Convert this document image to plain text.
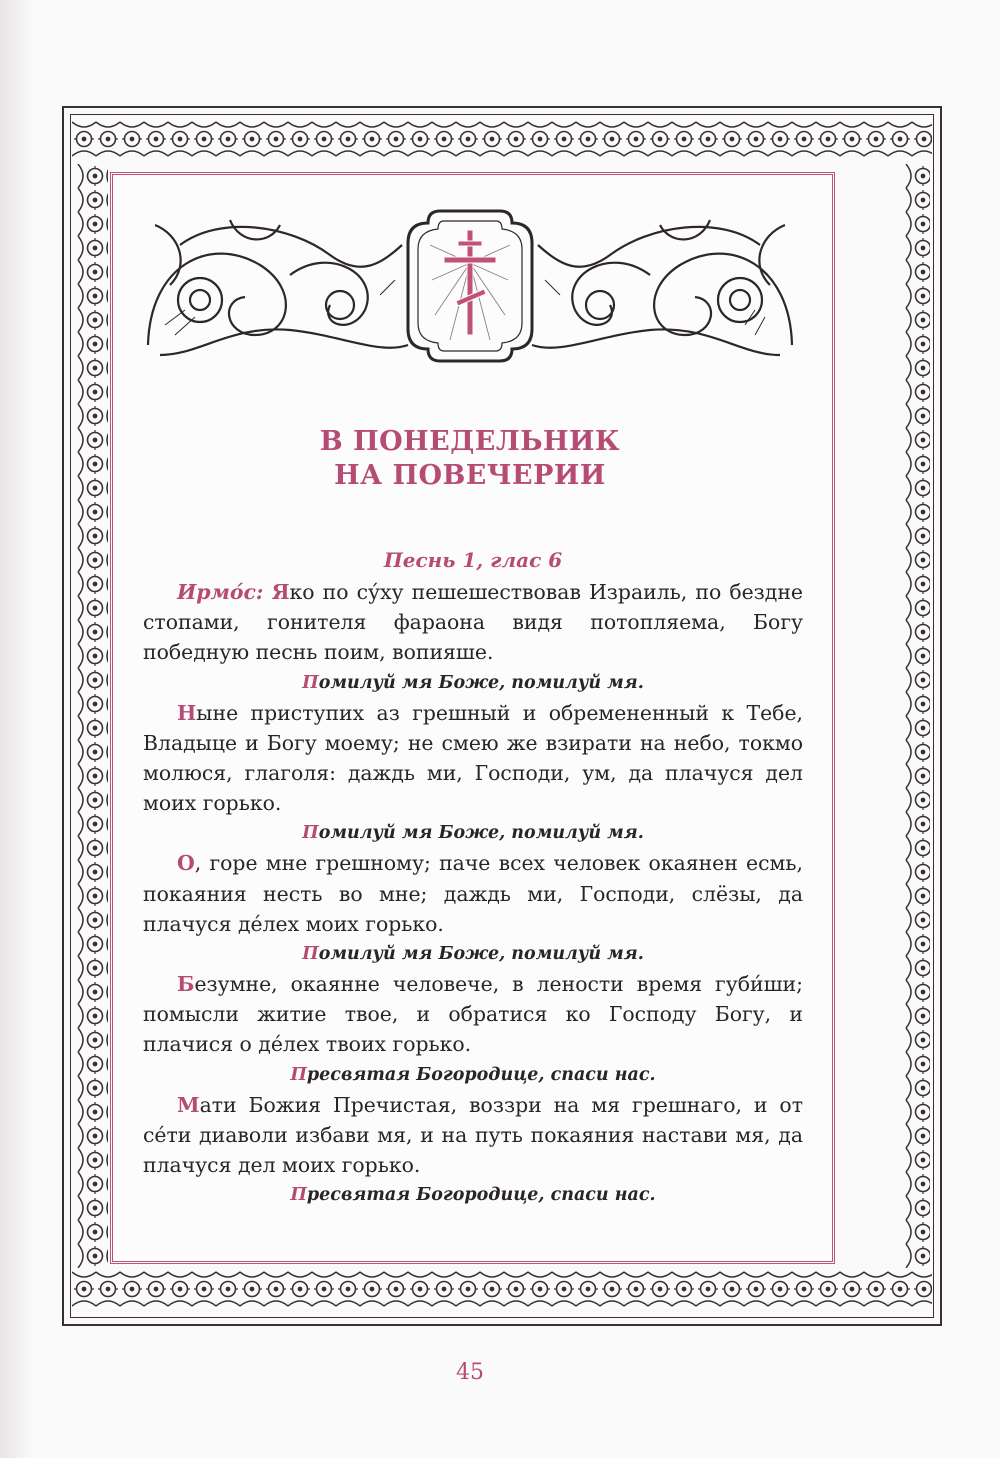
В ПОНЕДЕЛЬНИК
НА ПОВЕЧЕРИИ
Песнь 1, глас 6

Ирмо́с: Яко по су́ху пешешествовав Израиль, по бездне стопами, гонителя фараона видя потопляема, Богу победную песнь поим, вопияше.

Помилуй мя Боже, помилуй мя.

Ныне приступих аз грешный и обремененный к Тебе, Владыце и Богу моему; не смею же взирати на небо, токмо молюся, глаголя: даждь ми, Господи, ум, да плачуся дел моих горько.

Помилуй мя Боже, помилуй мя.

О, горе мне грешному; паче всех человек окаянен есмь, покаяния несть во мне; даждь ми, Господи, слёзы, да плачуся де́лех моих горько.

Помилуй мя Боже, помилуй мя.

Безумне, окаянне человече, в лености время губи́ши; помысли житие твое, и обратися ко Господу Богу, и плачися о де́лех твоих горько.

Пресвятая Богородице, спаси нас.

Мати Божия Пречистая, воззри на мя грешнаго, и от се́ти диаволи избави мя, и на путь покаяния настави мя, да плачуся дел моих горько.

Пресвятая Богородице, спаси нас.
45
